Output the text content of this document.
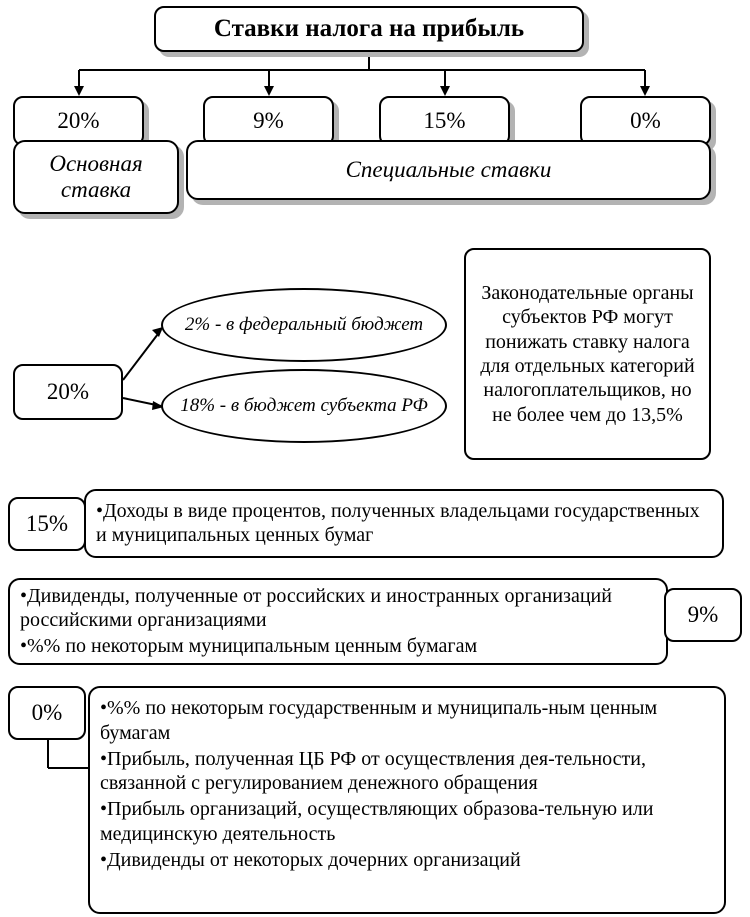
Ставки налога на прибыль
20%	9%	15%	0%
Основная
ставка
Специальные ставки
20%
2% - в федеральный бюджет
18% - в бюджет субъекта РФ
Законодательные органы субъектов РФ могут понижать ставку налога для отдельных категорий налогоплательщиков, но не более чем до 13,5%
15%

•Доходы в виде процентов, полученных владельцами государственных и муниципальных ценных бумаг

•Дивиденды, полученные от российских и иностранных организаций российскими организациями

•%% по некоторым муниципальным ценным бумагам

9%
0%	•%% по некоторым государственным и муниципаль-ным ценным бумагам

•Прибыль, полученная ЦБ РФ от осуществления дея-тельности, связанной с регулированием денежного обращения

•Прибыль организаций, осуществляющих образова-тельную или медицинскую деятельность

•Дивиденды от некоторых дочерних организаций
